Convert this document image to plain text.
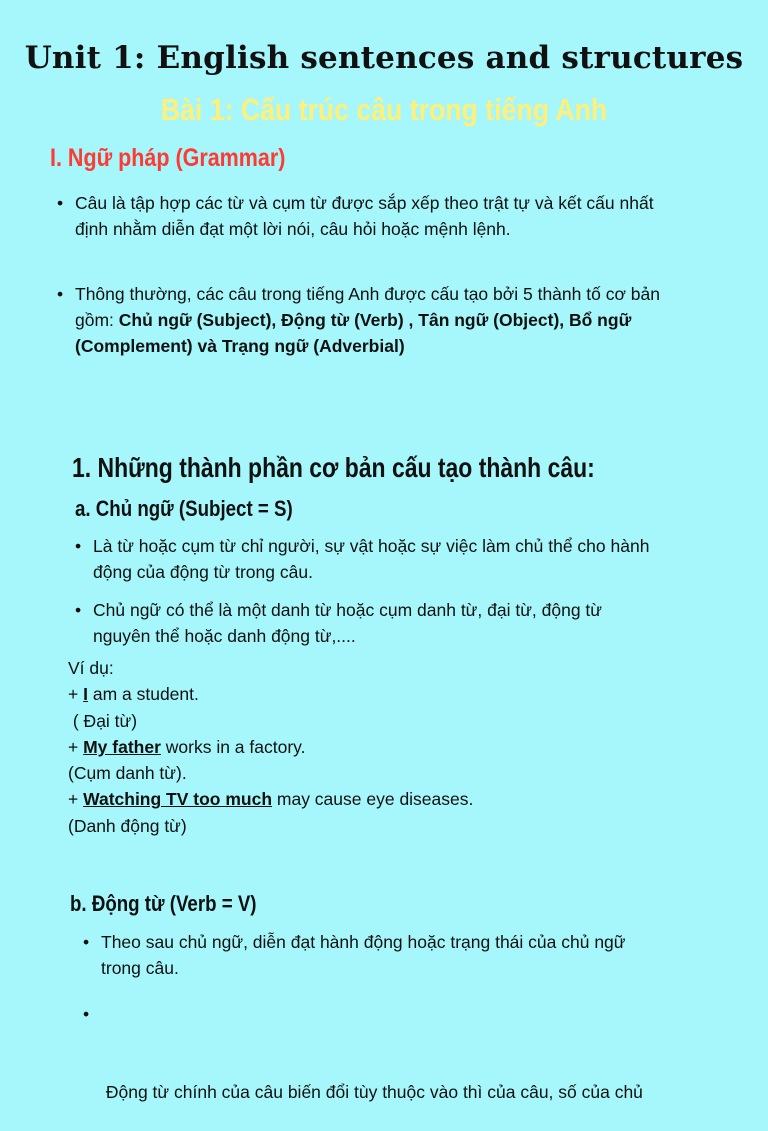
Unit 1: English sentences and structures
Bài 1: Cấu trúc câu trong tiếng Anh
I. Ngữ pháp (Grammar)
• Câu là tập hợp các từ và cụm từ được sắp xếp theo trật tự và kết cấu nhất
định nhằm diễn đạt một lời nói, câu hỏi hoặc mệnh lệnh.
• Thông thường, các câu trong tiếng Anh được cấu tạo bởi 5 thành tố cơ bản
gồm: Chủ ngữ (Subject), Động từ (Verb) , Tân ngữ (Object), Bổ ngữ
(Complement) và Trạng ngữ (Adverbial)
1. Những thành phần cơ bản cấu tạo thành câu:
a. Chủ ngữ (Subject = S)
• Là từ hoặc cụm từ chỉ người, sự vật hoặc sự việc làm chủ thể cho hành
động của động từ trong câu.
• Chủ ngữ có thể là một danh từ hoặc cụm danh từ, đại từ, động từ
nguyên thể hoặc danh động từ,....
Ví dụ:
+ I am a student.
( Đại từ)
+ My father works in a factory.
(Cụm danh từ).
+ Watching TV too much may cause eye diseases.
(Danh động từ)
b. Động từ (Verb = V)
• Theo sau chủ ngữ, diễn đạt hành động hoặc trạng thái của chủ ngữ
trong câu.

•

Động từ chính của câu biến đổi tùy thuộc vào thì của câu, số của chủ
